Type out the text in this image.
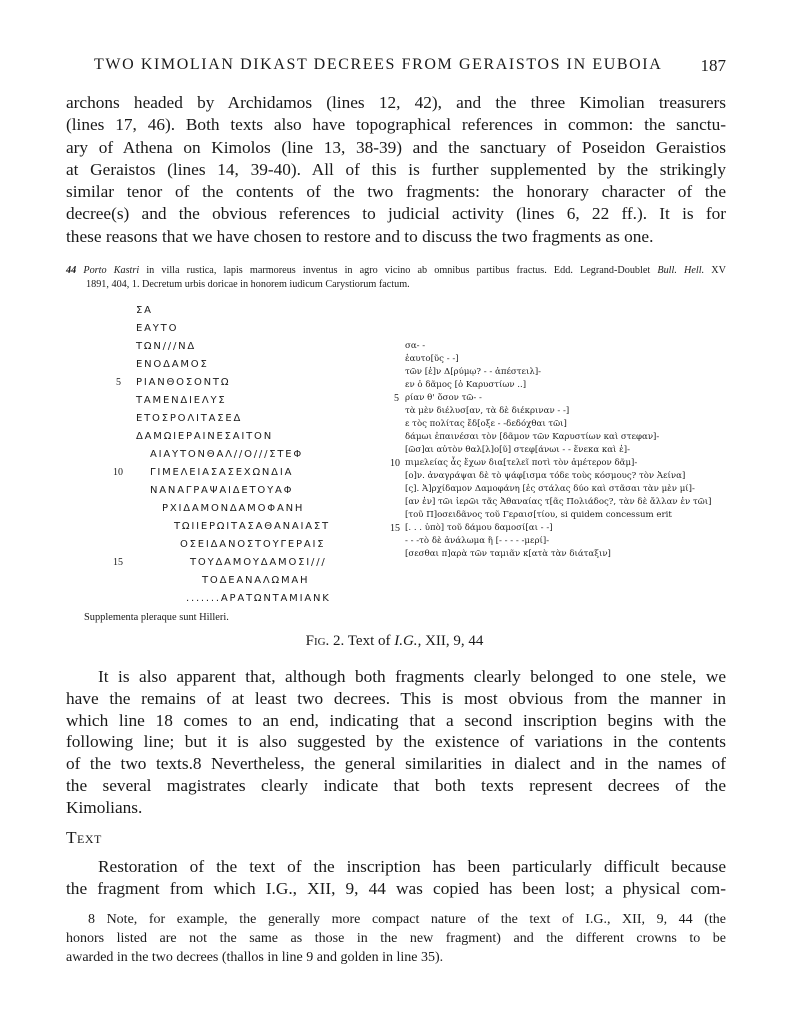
TWO KIMOLIAN DIKAST DECREES FROM GERAISTOS IN EUBOIA 187
archons headed by Archidamos (lines 12, 42), and the three Kimolian treasurers
(lines 17, 46). Both texts also have topographical references in common: the sanctu-
ary of Athena on Kimolos (line 13, 38-39) and the sanctuary of Poseidon Geraistios
at Geraistos (lines 14, 39-40). All of this is further supplemented by the strikingly
similar tenor of the contents of the two fragments: the honorary character of the
decree(s) and the obvious references to judicial activity (lines 6, 22 ff.). It is for
these reasons that we have chosen to restore and to discuss the two fragments as one.
44 Porto Kastri in villa rustica, lapis marmoreus inventus in agro vicino ab omnibus partibus fractus. Edd. Legrand-Doublet Bull. Hell. XV
1891, 404, 1. Decretum urbis doricae in honorem iudicum Carystiorum factum.
ΣΑ
ΕΑΥΤΟ
ΤΩΝ///ΝΔ
ΕΝΟΔΑΜΟΣ
ΡΙΑΝΘΟΣΟΝΤΩ
ΤΑΜΕΝΔΙΕΛΥΣ
ΕΤΟΣΡΟΛΙΤΑΣΕΔ
ΔΑΜΩΙΕΡΑΙΝΕΣΑΙΤΟΝ
ΑΙΑΥΤΟΝΘΑΛ//Ο///ΣΤΕΦ
ΓΙΜΕΛΕΙΑΣΑΣΕΧΩΝΔΙΑ
ΝΑΝΑΓΡΑΨΑΙΔΕΤΟΥΑΦ
ΡΧΙΔΑΜΟΝΔΑΜΟΦΑΝΗ
ΤΩΙΙΕΡΩΙΤΑΣΑΘΑΝΑΙΑΣΤ
ΟΣΕΙΔΑΝΟΣΤΟΥΓΕΡΑΙΣ
ΤΟΥΔΑΜΟΥΔΑΜΟΣΙ///
ΤΟΔΕΑΝΑΛΩΜΑΗ
.......ΑΡΑΤΩΝΤΑΜΙΑΝΚ
5
10
15
σα- -
ἑαυτο[ῦς - -]
τῶν [ἐ]ν Δ[ρύμῳ? - - ἀπέστειλ]-
εν ὁ δᾶμος [ὁ Καρυστίων ..]
ρίαν θ' ὅσον τῶ- -
τὰ μὲν διέλυσ[αν, τὰ δὲ διέκριναν - -]
ε τὸς πολίτας ἔδ[οξε - -δεδόχθαι τῶι]
δάμωι ἐπαινέσαι τὸν [δᾶμον τῶν Καρυστίων καὶ στεφαν]-
[ῶσ]αι αὐτὸν θαλ[λ]ο[ῦ] στεφ[άνωι - - ἕνεκα καὶ ἐ]-
πιμελείας ἇς ἔχων δια[τελεῖ ποτὶ τὸν ἁμέτερον δᾶμ]-
[ο]ν. ἀναγράψαι δὲ τὸ ψάφ[ισμα τόδε τοὺς κόσμους? τὸν Ἀείνα]
[ς]. Ἀ]ρχίδαμον Δαμοφάνη [ἐς στάλας δύο καὶ στᾶσαι τὰν μὲν μί]-
[αν ἐν] τῶι ἱερῶι τᾶς Ἀθαναίας τ[ᾶς Πολιάδος?, τὰν δὲ ἄλλαν ἐν τῶι]
[τοῦ Π]οσειδᾶνος τοῦ Γεραισ[τίου, si quidem concessum erit
[. . . ὑπὸ] τοῦ δάμου δαμοσί[αι - -]
- - -τὸ δὲ ἀνάλωμα ἢ [- - - - -μερί]-
[σεσθαι π]αρὰ τῶν ταμιᾶν κ[ατὰ τὰν διάταξιν]
5
10
15
Supplementa pleraque sunt Hilleri.
Fig. 2. Text of I.G., XII, 9, 44
It is also apparent that, although both fragments clearly belonged to one stele, we
have the remains of at least two decrees. This is most obvious from the manner in
which line 18 comes to an end, indicating that a second inscription begins with the
following line; but it is also suggested by the existence of variations in the contents
of the two texts.8 Nevertheless, the general similarities in dialect and in the names of
the several magistrates clearly indicate that both texts represent decrees of the
Kimolians.
Text
Restoration of the text of the inscription has been particularly difficult because
the fragment from which I.G., XII, 9, 44 was copied has been lost; a physical com-
8 Note, for example, the generally more compact nature of the text of I.G., XII, 9, 44 (the
honors listed are not the same as those in the new fragment) and the different crowns to be
awarded in the two decrees (thallos in line 9 and golden in line 35).
